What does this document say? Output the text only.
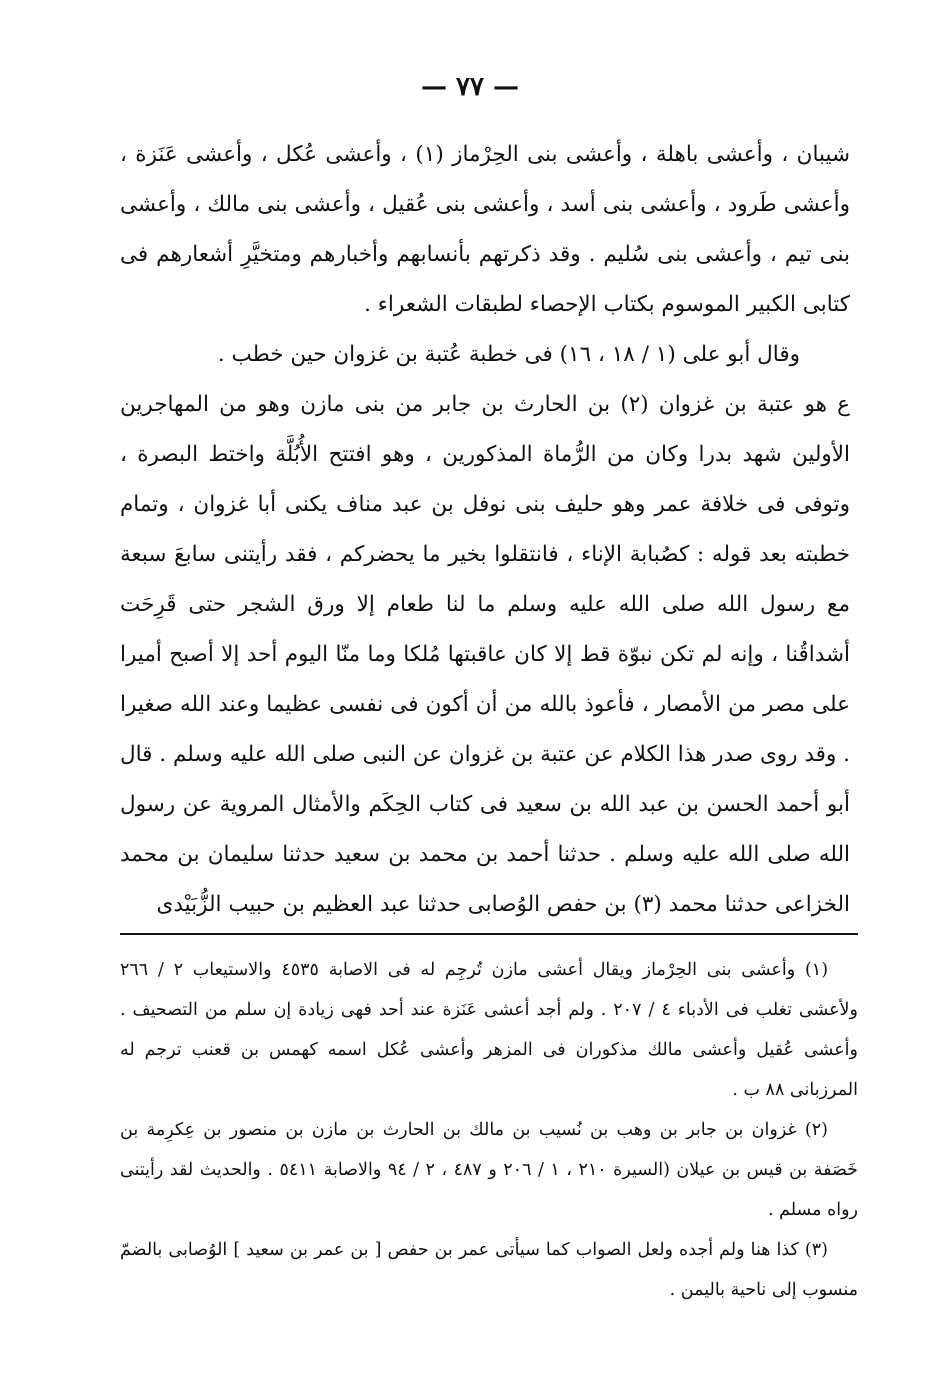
— ٧٧ —

شيبان ، وأعشى باهلة ، وأعشى بنى الحِرْماز (١) ، وأعشى عُكل ، وأعشى عَنَزة ، وأعشى طَرود ، وأعشى بنى أسد ، وأعشى بنى عُقيل ، وأعشى بنى مالك ، وأعشى بنى تيم ، وأعشى بنى سُليم . وقد ذكرتهم بأنسابهم وأخبارهم ومتخيَّرِ أشعارهم فى كتابى الكبير الموسوم بكتاب الإحصاء لطبقات الشعراء .

وقال أبو على (١ / ١٨ ، ١٦) فى خطبة عُتبة بن غزوان حين خطب .

ع هو عتبة بن غزوان (٢) بن الحارث بن جابر من بنى مازن وهو من المهاجرين الأولين شهد بدرا وكان من الرُّماة المذكورين ، وهو افتتح الأُبُلَّة واختط البصرة ، وتوفى فى خلافة عمر وهو حليف بنى نوفل بن عبد مناف يكنى أبا غزوان ، وتمام خطبته بعد قوله : كصُبابة الإناء ، فانتقلوا بخير ما يحضركم ، فقد رأيتنى سابعَ سبعة مع رسول الله صلى الله عليه وسلم ما لنا طعام إلا ورق الشجر حتى قَرِحَت أشداقُنا ، وإنه لم تكن نبوّة قط إلا كان عاقبتها مُلكا وما منّا اليوم أحد إلا أصبح أميرا على مصر من الأمصار ، فأعوذ بالله من أن أكون فى نفسى عظيما وعند الله صغيرا . وقد روى صدر هذا الكلام عن عتبة بن غزوان عن النبى صلى الله عليه وسلم . قال أبو أحمد الحسن بن عبد الله بن سعيد فى كتاب الحِكَم والأمثال المروية عن رسول الله صلى الله عليه وسلم . حدثنا أحمد بن محمد بن سعيد حدثنا سليمان بن محمد الخزاعى حدثنا محمد (٣) بن حفص الوُصابى حدثنا عبد العظيم بن حبيب الزُّبَيْدى

(١) وأعشى بنى الحِرْماز ويقال أعشى مازن تُرجِم له فى الاصابة ٤٥٣٥ والاستيعاب ٢ / ٢٦٦ ولأعشى تغلب فى الأدباء ٤ / ٢٠٧ . ولم أجد أعشى عَنَزة عند أحد فهى زيادة إن سلم من التصحيف . وأعشى عُقيل وأعشى مالك مذكوران فى المزهر وأعشى عُكل اسمه كهمس بن قعنب ترجم له المرزبانى ٨٨ ب .

(٢) غزوان بن جابر بن وهب بن نُسيب بن مالك بن الحارث بن مازن بن منصور بن عِكرِمة بن خَصَفة بن قيس بن عيلان (السيرة ٢١٠ ، ١ / ٢٠٦ و ٤٨٧ ، ٢ / ٩٤ والاصابة ٥٤١١ . والحديث لقد رأيتنى رواه مسلم .

(٣) كذا هنا ولم أجده ولعل الصواب كما سيأتى عمر بن حفص [ بن عمر بن سعيد ] الوُصابى بالضمّ منسوب إلى ناحية باليمن .
